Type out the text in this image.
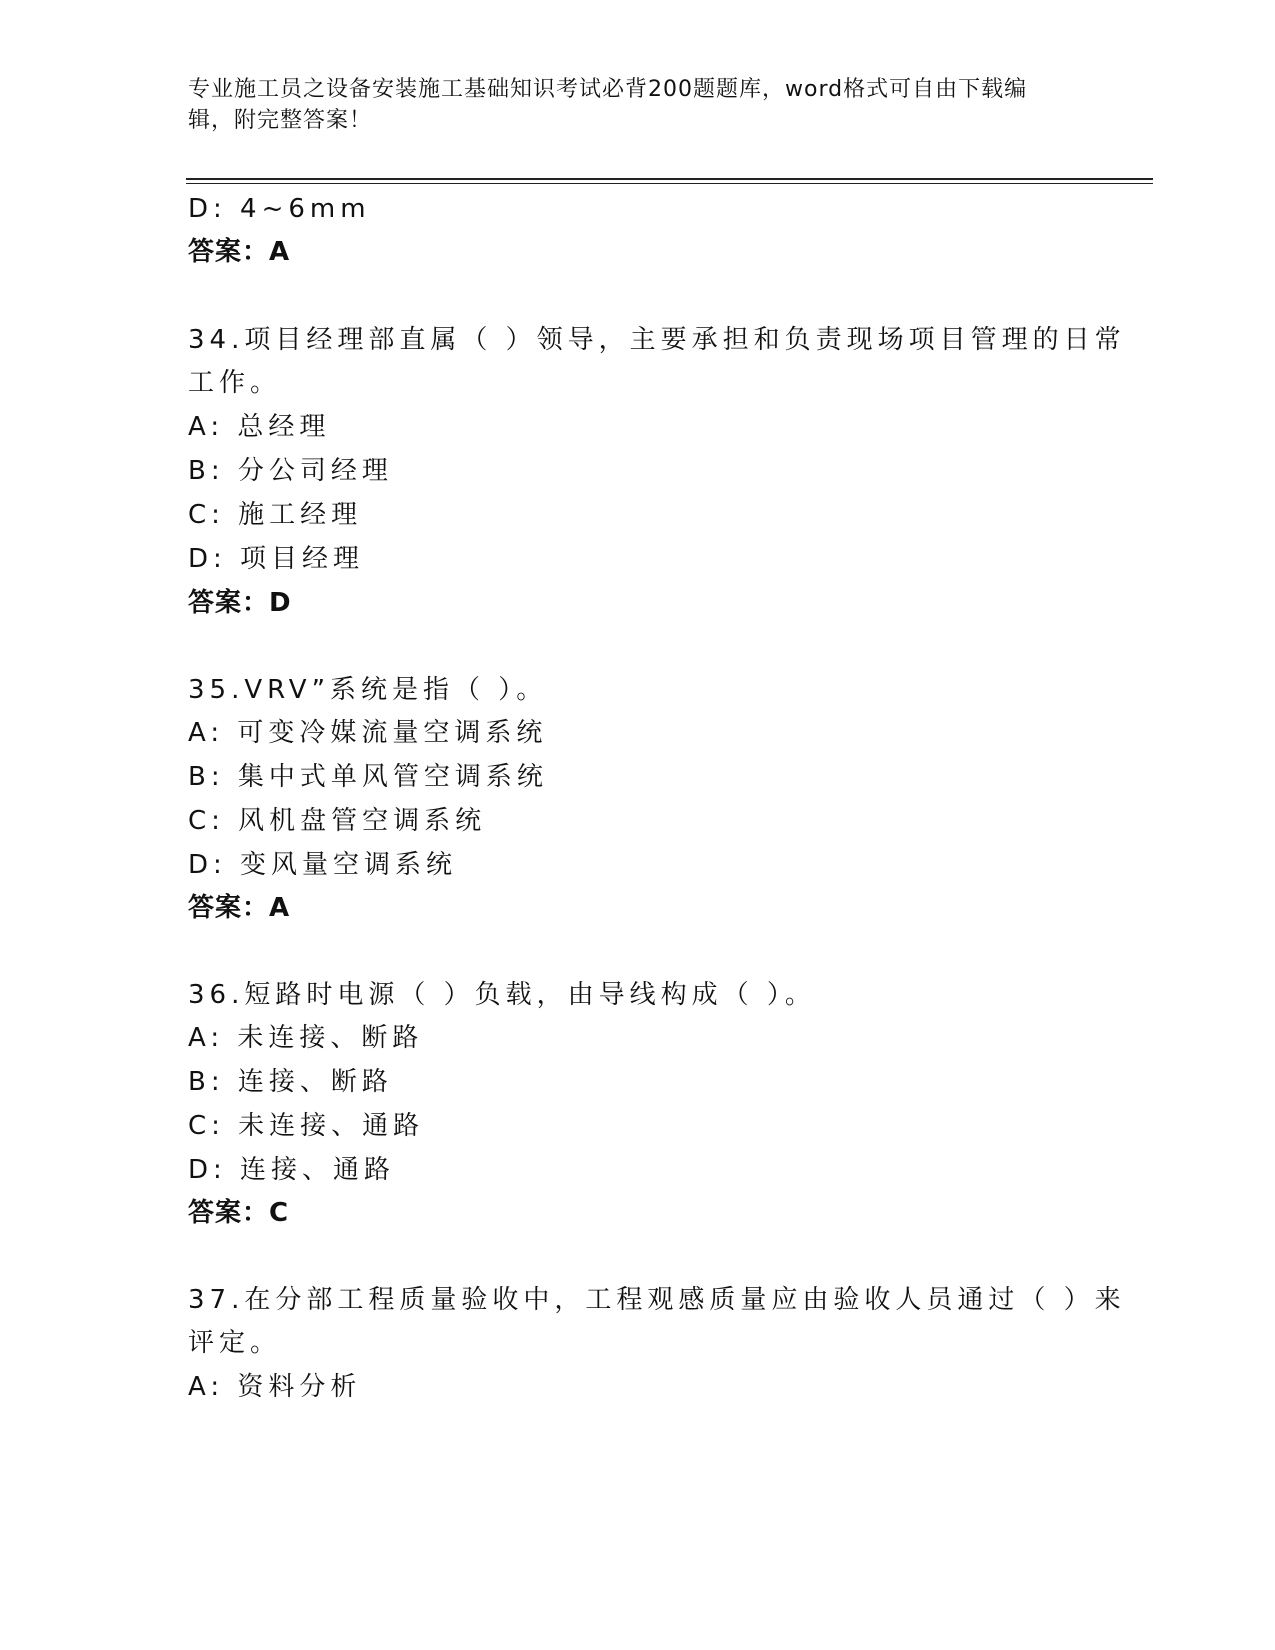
专业施工员之设备安装施工基础知识考试必背200题题库，word格式可自由下载编辑，附完整答案！
D: 4~6mm
答案：A
34.项目经理部直属（ ）领导，主要承担和负责现场项目管理的日常
工作。
A: 总经理
B: 分公司经理
C: 施工经理
D: 项目经理
答案：D
35.VRV”系统是指（ ）。
A: 可变冷媒流量空调系统
B: 集中式单风管空调系统
C: 风机盘管空调系统
D: 变风量空调系统
答案：A
36.短路时电源（ ）负载，由导线构成（ ）。
A: 未连接、断路
B: 连接、断路
C: 未连接、通路
D: 连接、通路
答案：C
37.在分部工程质量验收中，工程观感质量应由验收人员通过（ ）来
评定。
A: 资料分析
